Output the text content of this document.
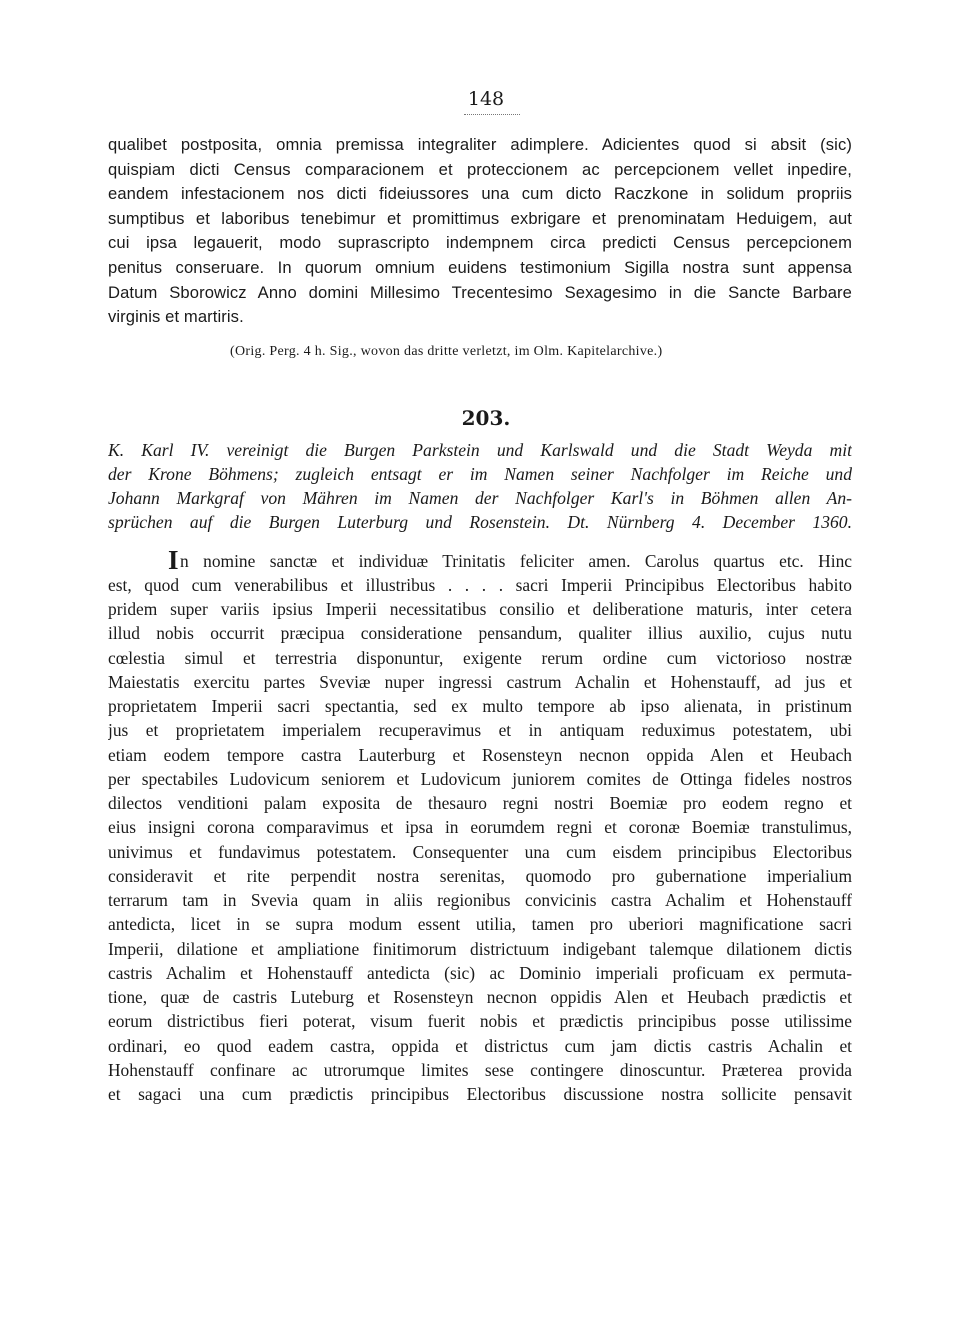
148
qualibet postposita, omnia premissa integraliter adimplere. Adicientes quod si absit (sic)
quispiam dicti Census comparacionem et proteccionem ac percepcionem vellet inpedire,
eandem infestacionem nos dicti fideiussores una cum dicto Raczkone in solidum propriis
sumptibus et laboribus tenebimur et promittimus exbrigare et prenominatam Heduigem, aut
cui ipsa legauerit, modo suprascripto indempnem circa predicti Census percepcionem
penitus conseruare. In quorum omnium euidens testimonium Sigilla nostra sunt appensa
Datum Sborowicz Anno domini Millesimo Trecentesimo Sexagesimo in die Sancte Barbare
virginis et martiris.
(Orig. Perg. 4 h. Sig., wovon das dritte verletzt, im Olm. Kapitelarchive.)
203.
K. Karl IV. vereinigt die Burgen Parkstein und Karlswald und die Stadt Weyda mit
der Krone Böhmens; zugleich entsagt er im Namen seiner Nachfolger im Reiche und
Johann Markgraf von Mähren im Namen der Nachfolger Karl's in Böhmen allen An-
sprüchen auf die Burgen Luterburg und Rosenstein. Dt. Nürnberg 4. December 1360.
I n nomine sanctæ et individuæ Trinitatis feliciter amen. Carolus quartus etc. Hinc
est, quod cum venerabilibus et illustribus . . . . sacri Imperii Principibus Electoribus habito
pridem super variis ipsius Imperii necessitatibus consilio et deliberatione maturis, inter cetera
illud nobis occurrit præcipua consideratione pensandum, qualiter illius auxilio, cujus nutu
cœlestia simul et terrestria disponuntur, exigente rerum ordine cum victorioso nostræ
Maiestatis exercitu partes Sveviæ nuper ingressi castrum Achalin et Hohenstauff, ad jus et
proprietatem Imperii sacri spectantia, sed ex multo tempore ab ipso alienata, in pristinum
jus et proprietatem imperialem recuperavimus et in antiquam reduximus potestatem, ubi
etiam eodem tempore castra Lauterburg et Rosensteyn necnon oppida Alen et Heubach
per spectabiles Ludovicum seniorem et Ludovicum juniorem comites de Ottinga fideles nostros
dilectos venditioni palam exposita de thesauro regni nostri Boemiæ pro eodem regno et
eius insigni corona comparavimus et ipsa in eorumdem regni et coronæ Boemiæ transtulimus,
univimus et fundavimus potestatem. Consequenter una cum eisdem principibus Electoribus
consideravit et rite perpendit nostra serenitas, quomodo pro gubernatione imperialium
terrarum tam in Svevia quam in aliis regionibus convicinis castra Achalim et Hohenstauff
antedicta, licet in se supra modum essent utilia, tamen pro uberiori magnificatione sacri
Imperii, dilatione et ampliatione finitimorum districtuum indigebant talemque dilationem dictis
castris Achalim et Hohenstauff antedicta (sic) ac Dominio imperiali proficuam ex permuta-
tione, quæ de castris Luteburg et Rosensteyn necnon oppidis Alen et Heubach prædictis et
eorum districtibus fieri poterat, visum fuerit nobis et prædictis principibus posse utilissime
ordinari, eo quod eadem castra, oppida et districtus cum jam dictis castris Achalin et
Hohenstauff confinare ac utrorumque limites sese contingere dinoscuntur. Præterea provida
et sagaci una cum prædictis principibus Electoribus discussione nostra sollicite pensavit
